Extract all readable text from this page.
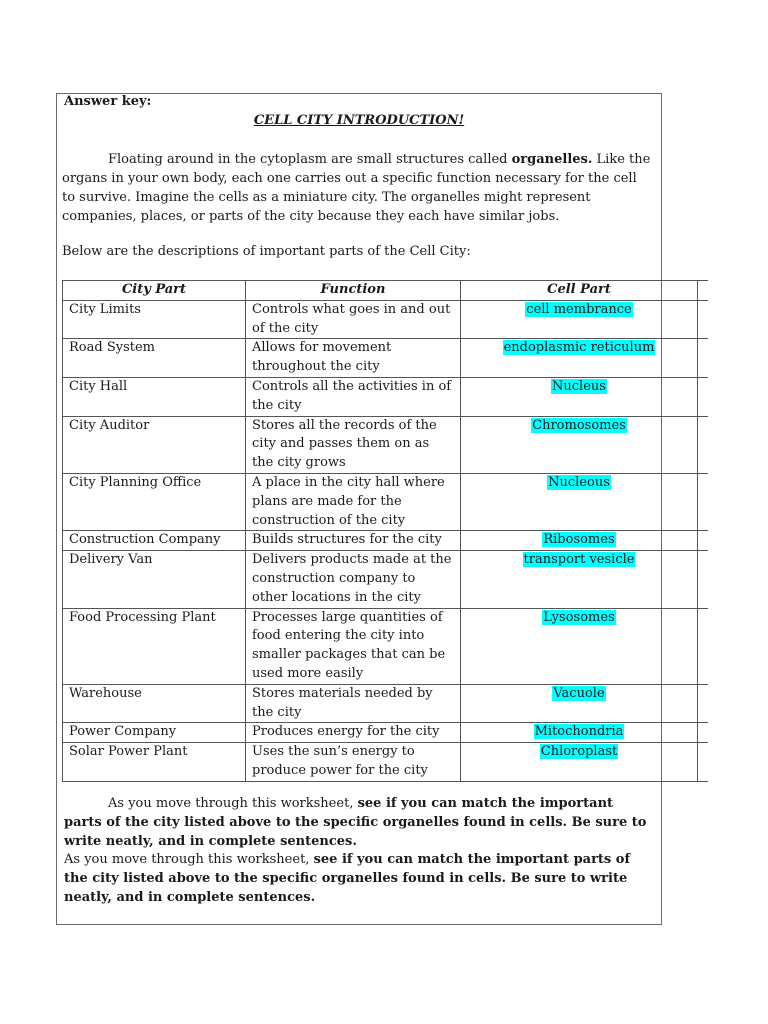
Answer key:
CELL CITY INTRODUCTION!
Floating around in the cytoplasm are small structures called organelles. Like the organs in your own body, each one carries out a specific function necessary for the cell to survive. Imagine the cells as a miniature city. The organelles might represent companies, places, or parts of the city because they each have similar jobs.
Below are the descriptions of important parts of the Cell City:
City Part	Function	Cell Part	
City Limits	Controls what goes in and out of the city	cell membrance	
Road System	Allows for movement throughout the city	endoplasmic reticulum	
City Hall	Controls all the activities in of the city	Nucleus	
City Auditor	Stores all the records of the city and passes them on as the city grows	Chromosomes	
City Planning Office	A place in the city hall where plans are made for the construction of the city	Nucleous	
Construction Company	Builds structures for the city	Ribosomes	
Delivery Van	Delivers products made at the construction company to other locations in the city	transport vesicle	
Food Processing Plant	Processes large quantities of food entering the city into smaller packages that can be used more easily	Lysosomes	
Warehouse	Stores materials needed by the city	Vacuole	
Power Company	Produces energy for the city	Mitochondria	
Solar Power Plant	Uses the sun’s energy to produce power for the city	Chloroplast	
As you move through this worksheet, see if you can match the important parts of the city listed above to the specific organelles found in cells. Be sure to write neatly, and in complete sentences.
As you move through this worksheet, see if you can match the important parts of the city listed above to the specific organelles found in cells. Be sure to write neatly, and in complete sentences.
